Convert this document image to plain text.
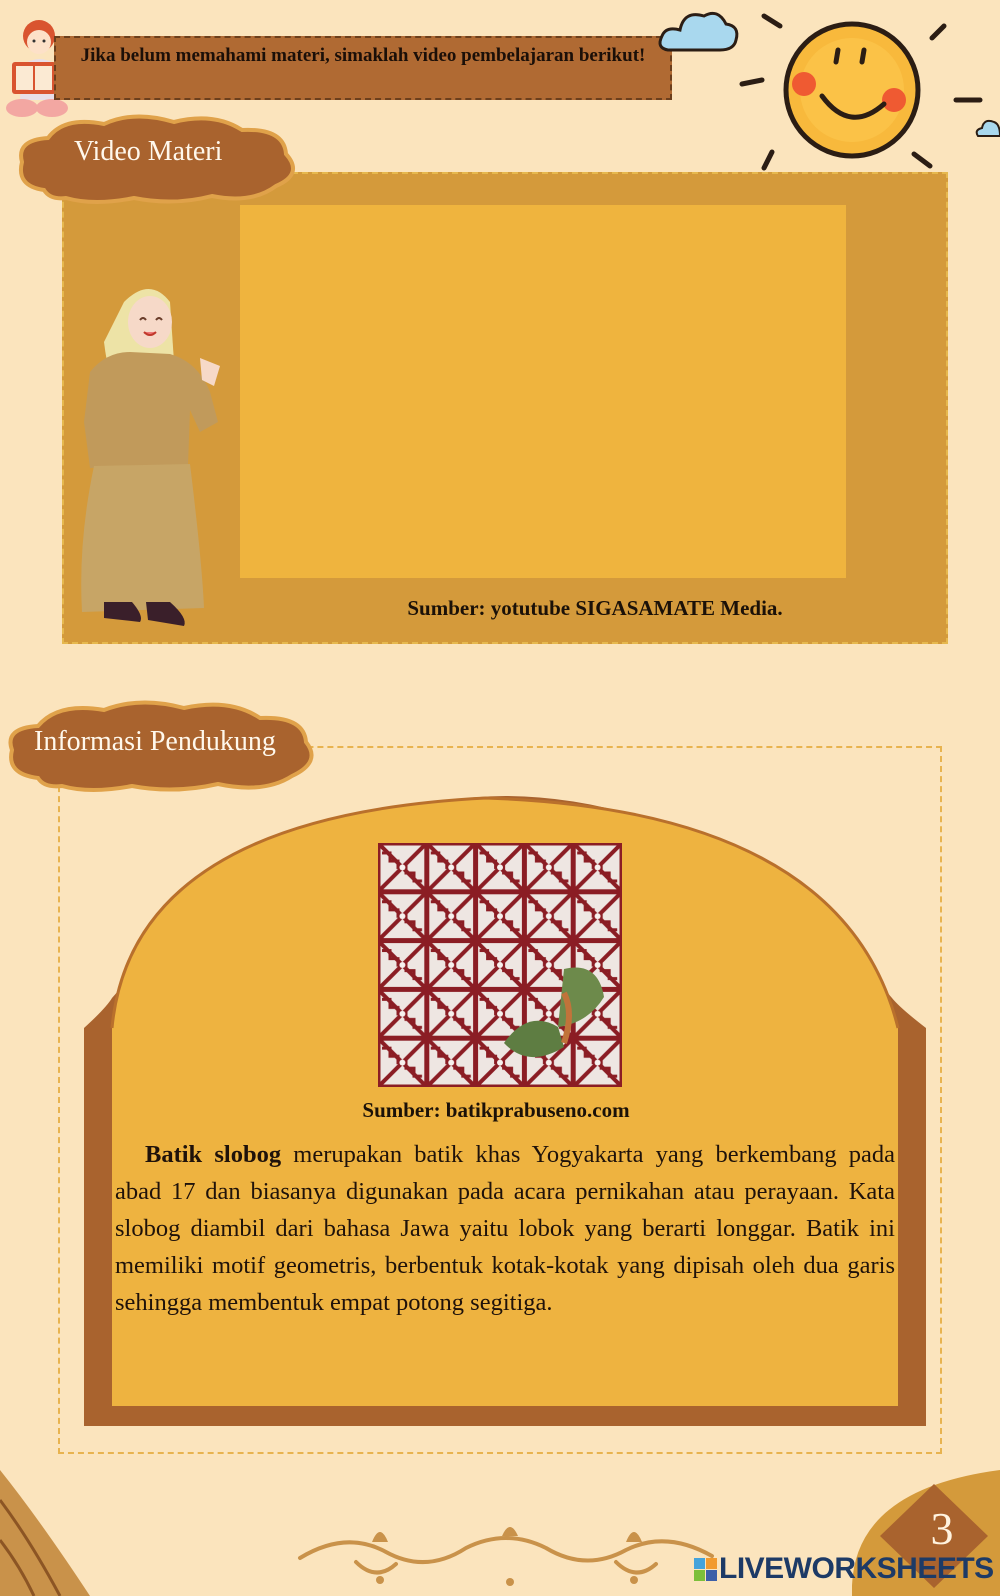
Jika belum memahami materi, simaklah video pembelajaran berikut!
Video Materi
Sumber: yotutube SIGASAMATE Media.
Informasi Pendukung
Sumber: batikprabuseno.com
Batik slobog merupakan batik khas Yogyakarta yang berkembang pada abad 17 dan biasanya digunakan pada acara pernikahan atau perayaan. Kata slobog diambil dari bahasa Jawa yaitu lobok yang berarti longgar. Batik ini memiliki motif geometris, berbentuk kotak-kotak yang dipisah oleh dua garis sehingga membentuk empat potong segitiga.
3
LIVEWORKSHEETS
